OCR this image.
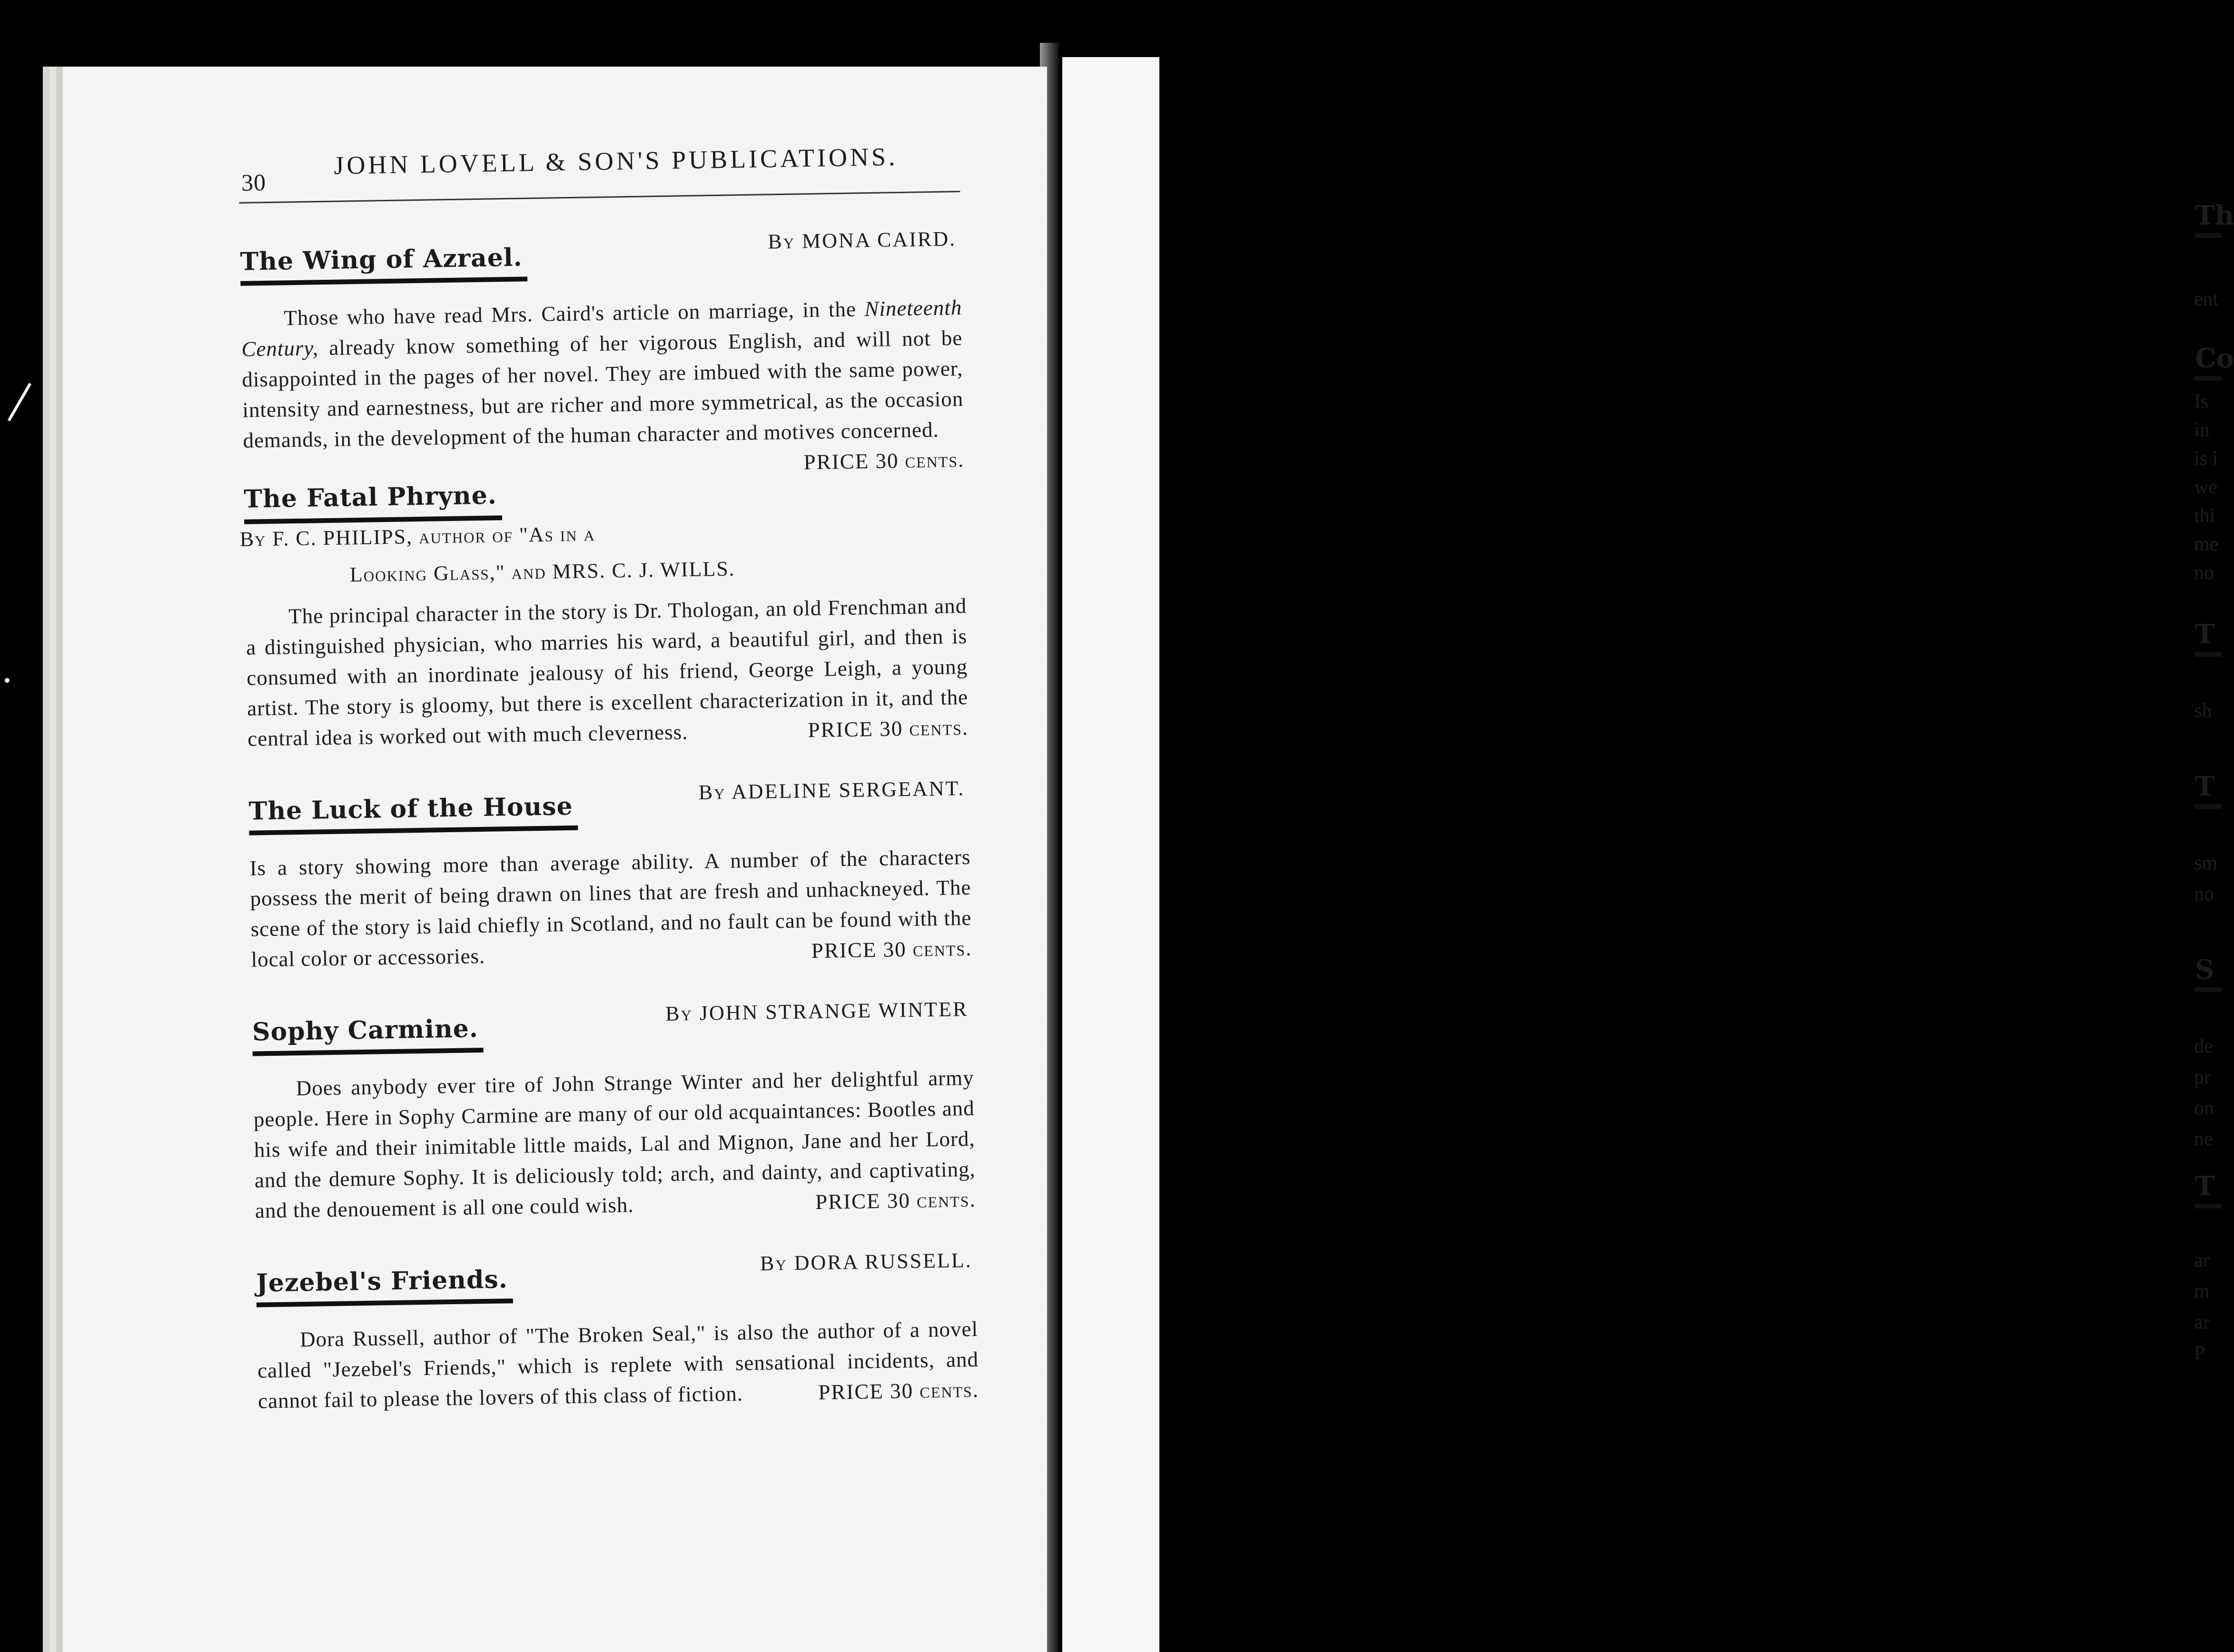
30
JOHN LOVELL & SON'S PUBLICATIONS.
The Wing of Azrael.
By MONA CAIRD.
Those who have read Mrs. Caird's article on marriage, in the Nineteenth Century, already know something of her vigorous English, and will not be disappointed in the pages of her novel. They are imbued with the same power, intensity and earnestness, but are richer and more symmetrical, as the occasion demands, in the development of the human character and motives concerned.
PRICE 30 cents.
The Fatal Phryne. By F. C. PHILIPS, author of "As in a
Looking Glass," and MRS. C. J. WILLS.
The principal character in the story is Dr. Thologan, an old Frenchman and a distinguished physician, who marries his ward, a beautiful girl, and then is consumed with an inordinate jealousy of his friend, George Leigh, a young artist. The story is gloomy, but there is excellent characterization in it, and the central idea is worked out with much cleverness.	PRICE 30 cents.
The Luck of the House
By ADELINE SERGEANT.
Is a story showing more than average ability. A number of the characters possess the merit of being drawn on lines that are fresh and unhackneyed. The scene of the story is laid chiefly in Scotland, and no fault can be found with the local color or accessories.	PRICE 30 cents.
Sophy Carmine.
By JOHN STRANGE WINTER
Does anybody ever tire of John Strange Winter and her delightful army people. Here in Sophy Carmine are many of our old acquaintances: Bootles and his wife and their inimitable little maids, Lal and Mignon, Jane and her Lord, and the demure Sophy. It is deliciously told; arch, and dainty, and captivating, and the denouement is all one could wish.	PRICE 30 cents.
Jezebel's Friends.
By DORA RUSSELL.
Dora Russell, author of "The Broken Seal," is also the author of a novel called "Jezebel's Friends," which is replete with sensational incidents, and cannot fail to please the lovers of this class of fiction.	PRICE 30 cents.
Th
ent
Co
Is
in
is i
we
thi
me
no
T
sh
T
sm
no
S
de
pr
on
ne
T
ar
m
ar
P
